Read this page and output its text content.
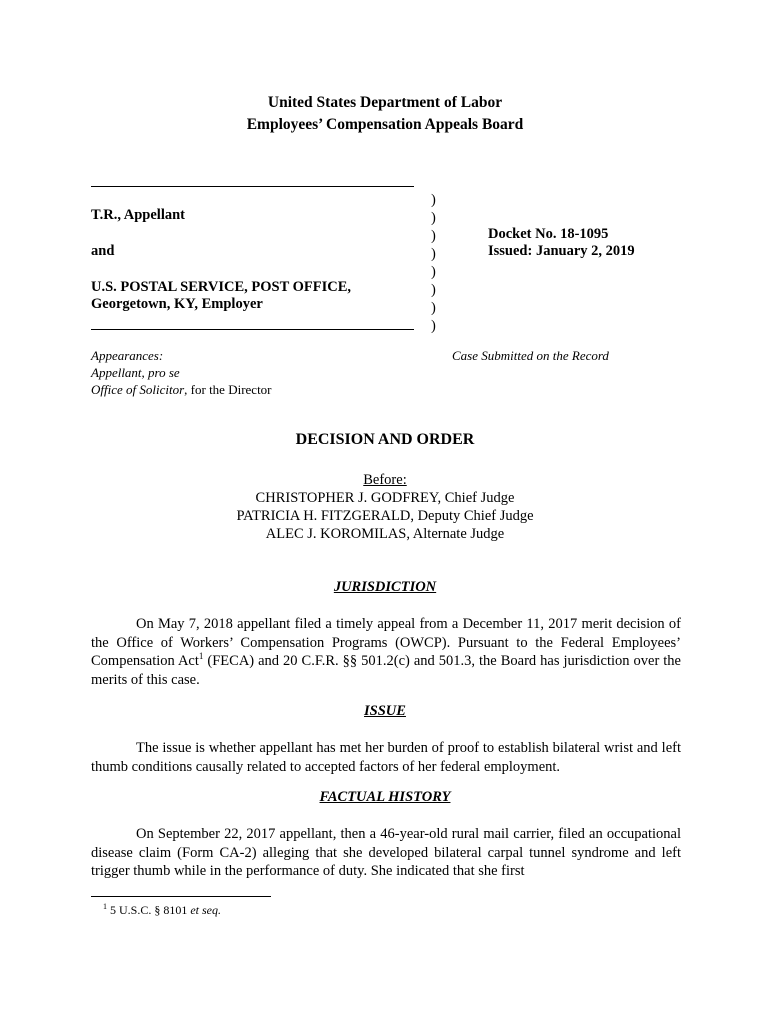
United States Department of Labor
Employees’ Compensation Appeals Board
T.R., Appellant
and
U.S. POSTAL SERVICE, POST OFFICE,
Georgetown, KY, Employer
)
)
)
)
)
)
)
)
Docket No. 18-1095
Issued: January 2, 2019
Appearances:
Appellant, pro se
Office of Solicitor, for the Director
Case Submitted on the Record
DECISION AND ORDER
Before:
CHRISTOPHER J. GODFREY, Chief Judge
PATRICIA H. FITZGERALD, Deputy Chief Judge
ALEC J. KOROMILAS, Alternate Judge
JURISDICTION
On May 7, 2018 appellant filed a timely appeal from a December 11, 2017 merit decision of the Office of Workers’ Compensation Programs (OWCP). Pursuant to the Federal Employees’ Compensation Act$^1$ (FECA) and 20 C.F.R. §§ 501.2(c) and 501.3, the Board has jurisdiction over the merits of this case.
ISSUE
The issue is whether appellant has met her burden of proof to establish bilateral wrist and left thumb conditions causally related to accepted factors of her federal employment.
FACTUAL HISTORY
On September 22, 2017 appellant, then a 46-year-old rural mail carrier, filed an occupational disease claim (Form CA-2) alleging that she developed bilateral carpal tunnel syndrome and left trigger thumb while in the performance of duty. She indicated that she first
$^1$ 5 U.S.C. § 8101 et seq.
